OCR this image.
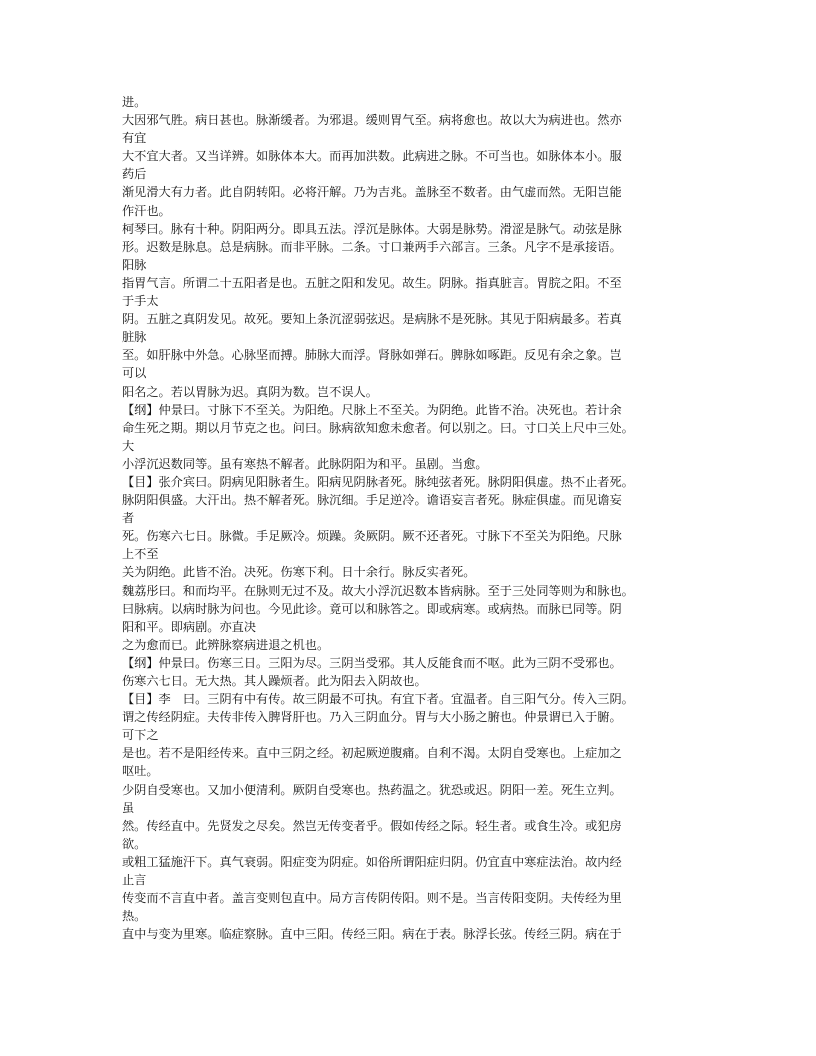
进。

大因邪气胜。病日甚也。脉渐缓者。为邪退。缓则胃气至。病将愈也。故以大为病进也。然亦

有宜

大不宜大者。又当详辨。如脉体本大。而再加洪数。此病进之脉。不可当也。如脉体本小。服

药后

渐见滑大有力者。此自阴转阳。必将汗解。乃为吉兆。盖脉至不数者。由气虚而然。无阳岂能

作汗也。

柯琴曰。脉有十种。阴阳两分。即具五法。浮沉是脉体。大弱是脉势。滑涩是脉气。动弦是脉

形。迟数是脉息。总是病脉。而非平脉。二条。寸口兼两手六部言。三条。凡字不是承接语。

阳脉

指胃气言。所谓二十五阳者是也。五脏之阳和发见。故生。阴脉。指真脏言。胃脘之阳。不至

于手太

阴。五脏之真阴发见。故死。要知上条沉涩弱弦迟。是病脉不是死脉。其见于阳病最多。若真

脏脉

至。如肝脉中外急。心脉坚而搏。肺脉大而浮。肾脉如弹石。脾脉如啄距。反见有余之象。岂

可以

阳名之。若以胃脉为迟。真阴为数。岂不误人。

【纲】仲景曰。寸脉下不至关。为阳绝。尺脉上不至关。为阴绝。此皆不治。决死也。若计余

命生死之期。期以月节克之也。问曰。脉病欲知愈未愈者。何以别之。曰。寸口关上尺中三处。

大

小浮沉迟数同等。虽有寒热不解者。此脉阴阳为和平。虽剧。当愈。

【目】张介宾曰。阴病见阳脉者生。阳病见阴脉者死。脉纯弦者死。脉阴阳俱虚。热不止者死。

脉阴阳俱盛。大汗出。热不解者死。脉沉细。手足逆冷。谵语妄言者死。脉症俱虚。而见谵妄

者

死。伤寒六七日。脉微。手足厥冷。烦躁。灸厥阴。厥不还者死。寸脉下不至关为阳绝。尺脉

上不至

关为阴绝。此皆不治。决死。伤寒下利。日十余行。脉反实者死。

魏荔彤曰。和而均平。在脉则无过不及。故大小浮沉迟数本皆病脉。至于三处同等则为和脉也。

曰脉病。以病时脉为问也。今见此诊。竟可以和脉答之。即或病寒。或病热。而脉已同等。阴

阳和平。即病剧。亦直决

之为愈而已。此辨脉察病进退之机也。

【纲】仲景曰。伤寒三日。三阳为尽。三阴当受邪。其人反能食而不呕。此为三阴不受邪也。

伤寒六七日。无大热。其人躁烦者。此为阳去入阴故也。

【目】李　曰。三阴有中有传。故三阴最不可执。有宜下者。宜温者。自三阳气分。传入三阴。

谓之传经阴症。夫传非传入脾肾肝也。乃入三阴血分。胃与大小肠之腑也。仲景谓已入于腑。

可下之

是也。若不是阳经传来。直中三阴之经。初起厥逆腹痛。自利不渴。太阴自受寒也。上症加之

呕吐。

少阴自受寒也。又加小便清利。厥阴自受寒也。热药温之。犹恐或迟。阴阳一差。死生立判。

虽

然。传经直中。先贤发之尽矣。然岂无传变者乎。假如传经之际。轻生者。或食生冷。或犯房

欲。

或粗工猛施汗下。真气衰弱。阳症变为阴症。如俗所谓阳症归阴。仍宜直中寒症法治。故内经

止言

传变而不言直中者。盖言变则包直中。局方言传阴传阳。则不是。当言传阳变阴。夫传经为里

热。

直中与变为里寒。临症察脉。直中三阳。传经三阳。病在于表。脉浮长弦。传经三阴。病在于
